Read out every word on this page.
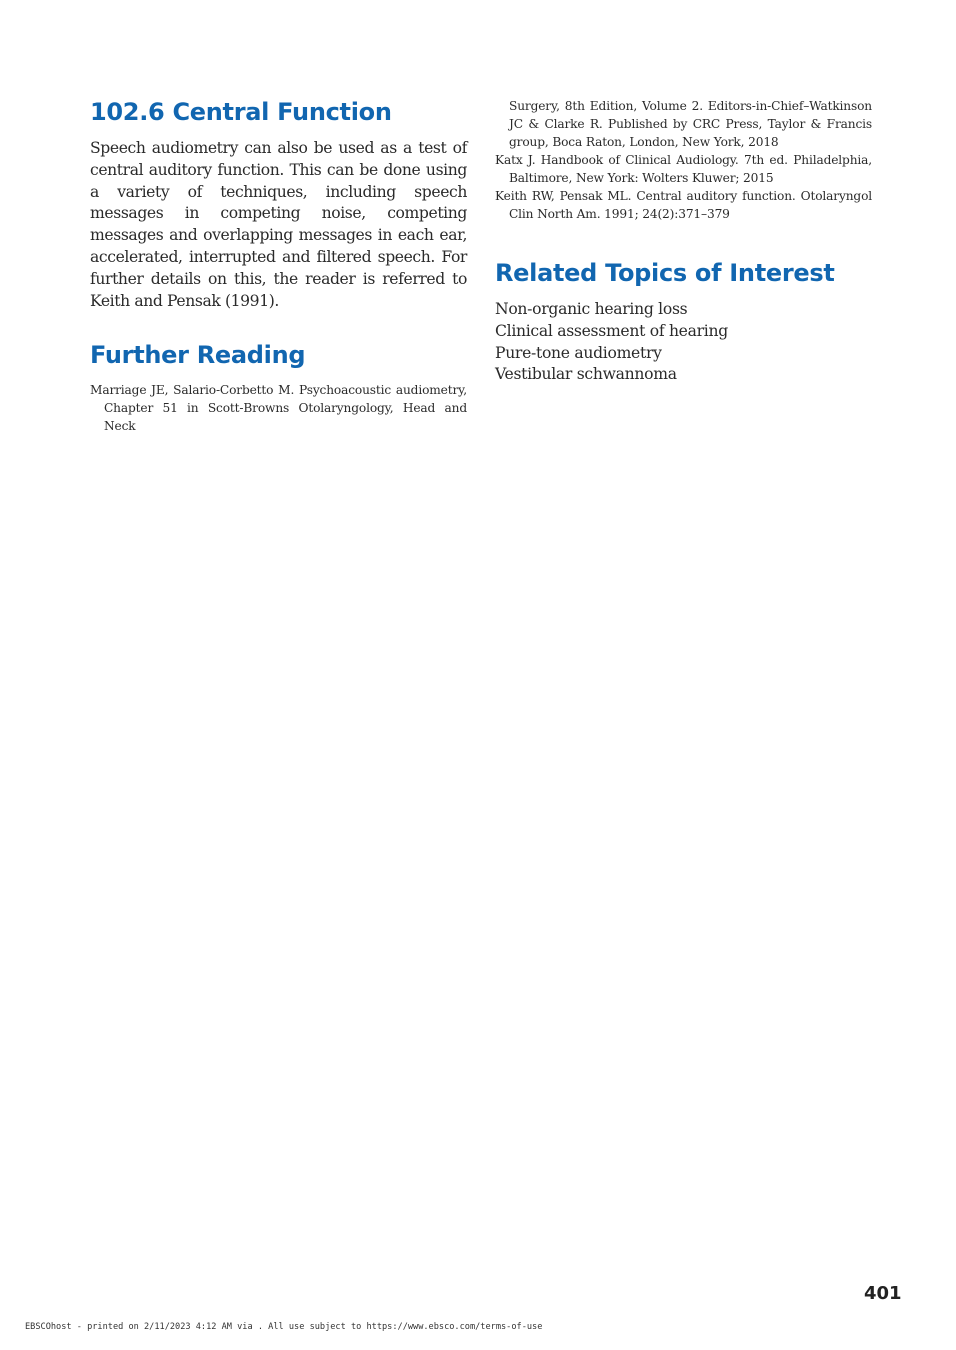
102.6 Central Function

Speech audiometry can also be used as a test of central auditory function. This can be done using a variety of techniques, including speech messages in competing noise, competing messages and overlapping messages in each ear, accelerated, interrupted and filtered speech. For further details on this, the reader is referred to Keith and Pensak (1991).

Further Reading

Marriage JE, Salario-Corbetto M. Psychoacoustic audiometry, Chapter 51 in Scott-Browns Otolaryngology, Head and Neck

Surgery, 8th Edition, Volume 2. Editors-in-Chief–Watkinson JC & Clarke R. Published by CRC Press, Taylor & Francis group, Boca Raton, London, New York, 2018

Katx J. Handbook of Clinical Audiology. 7th ed. Philadelphia, Baltimore, New York: Wolters Kluwer; 2015

Keith RW, Pensak ML. Central auditory function. Otolaryngol Clin North Am. 1991; 24(2):371–379

Related Topics of Interest

Non-organic hearing loss

Clinical assessment of hearing

Pure-tone audiometry

Vestibular schwannoma

401
EBSCOhost - printed on 2/11/2023 4:12 AM via . All use subject to https://www.ebsco.com/terms-of-use
